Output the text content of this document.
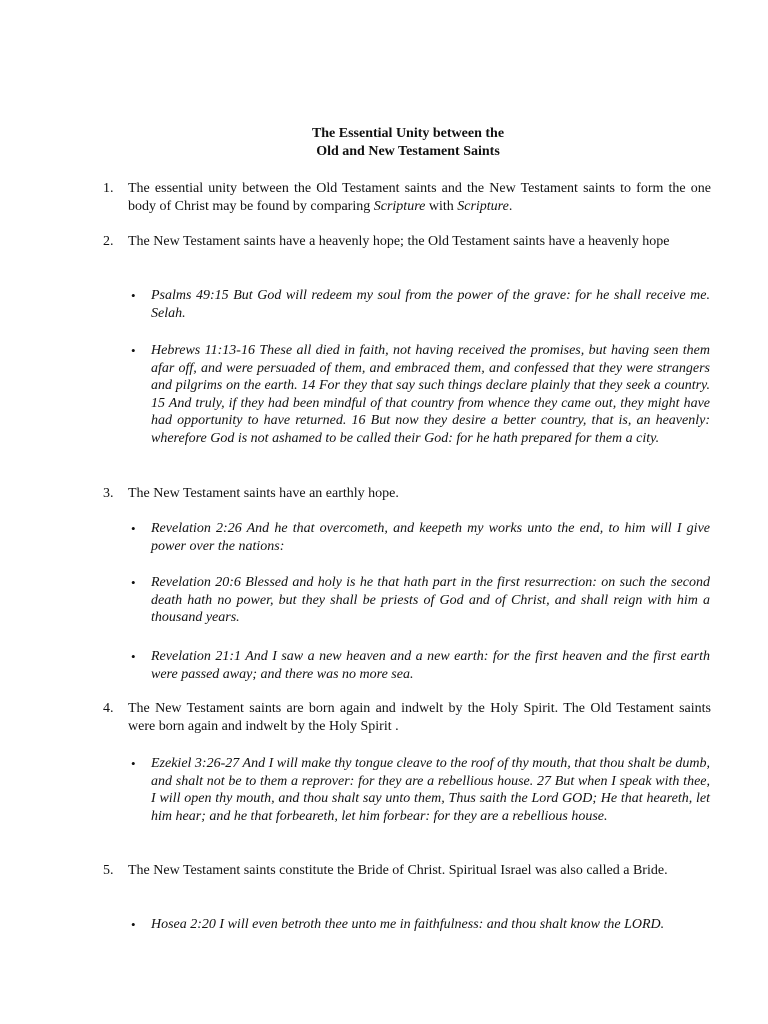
The Essential Unity between the
Old and New Testament Saints
1.	The essential unity between the Old Testament saints and the New Testament saints to form the one body of Christ may be found by comparing Scripture with Scripture.
2.	The New Testament saints have a heavenly hope; the Old Testament saints have a heavenly hope
• Psalms 49:15 But God will redeem my soul from the power of the grave: for he shall receive me. Selah.
• Hebrews 11:13-16 These all died in faith, not having received the promises, but having seen them afar off, and were persuaded of them, and embraced them, and confessed that they were strangers and pilgrims on the earth. 14 For they that say such things declare plainly that they seek a country. 15 And truly, if they had been mindful of that country from whence they came out, they might have had opportunity to have returned. 16 But now they desire a better country, that is, an heavenly: wherefore God is not ashamed to be called their God: for he hath prepared for them a city.
3.	The New Testament saints have an earthly hope.
• Revelation 2:26 And he that overcometh, and keepeth my works unto the end, to him will I give power over the nations:
• Revelation 20:6 Blessed and holy is he that hath part in the first resurrection: on such the second death hath no power, but they shall be priests of God and of Christ, and shall reign with him a thousand years.
• Revelation 21:1 And I saw a new heaven and a new earth: for the first heaven and the first earth were passed away; and there was no more sea.
4.	The New Testament saints are born again and indwelt by the Holy Spirit. The Old Testament saints were born again and indwelt by the Holy Spirit .
• Ezekiel 3:26-27 And I will make thy tongue cleave to the roof of thy mouth, that thou shalt be dumb, and shalt not be to them a reprover: for they are a rebellious house. 27 But when I speak with thee, I will open thy mouth, and thou shalt say unto them, Thus saith the Lord GOD; He that heareth, let him hear; and he that forbeareth, let him forbear: for they are a rebellious house.
5.	The New Testament saints constitute the Bride of Christ. Spiritual Israel was also called a Bride.
• Hosea 2:20 I will even betroth thee unto me in faithfulness: and thou shalt know the LORD.
